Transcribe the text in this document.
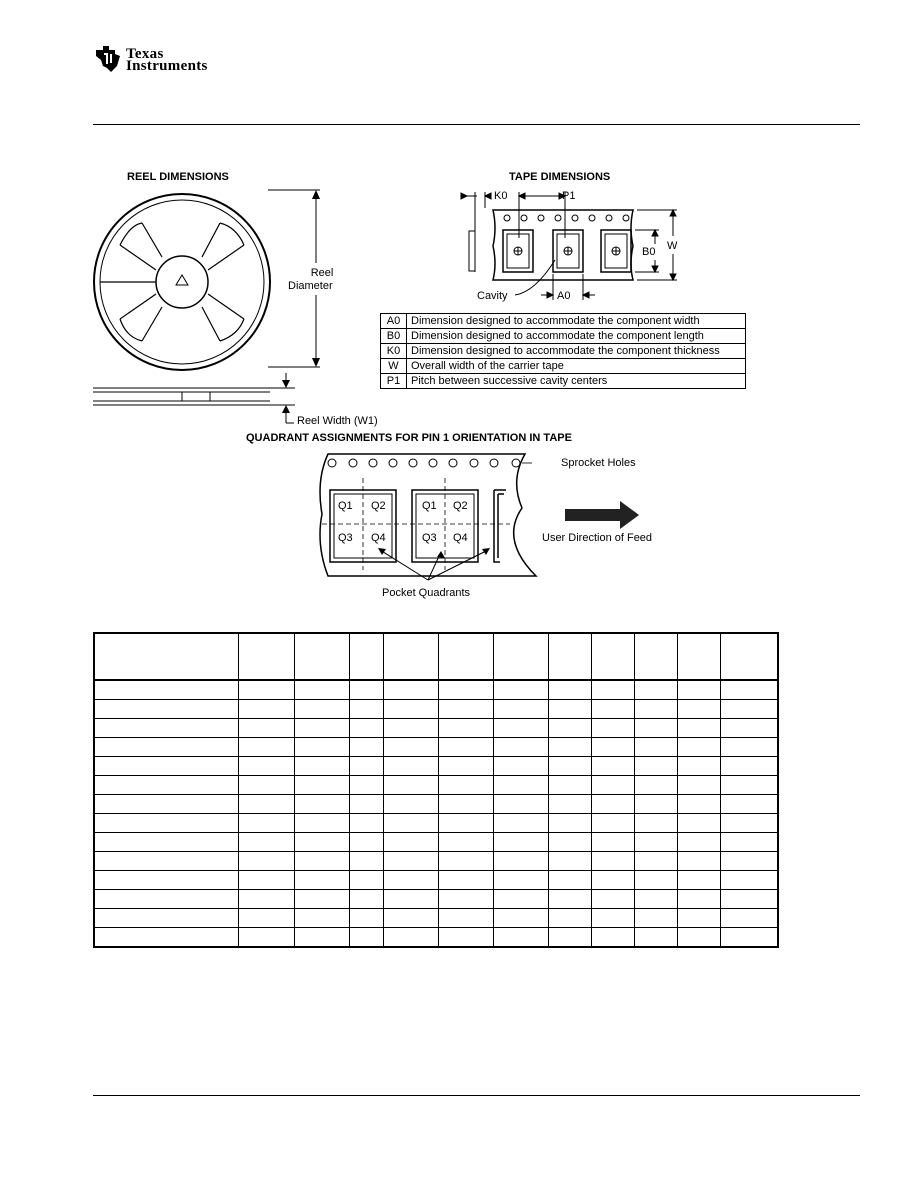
Texas
Instruments
REEL DIMENSIONS
Reel
Diameter
Reel Width (W1)
TAPE DIMENSIONS
K0	P1
B0 W
A0
Cavity
A0	Dimension designed to accommodate the component width
B0	Dimension designed to accommodate the component length
K0	Dimension designed to accommodate the component thickness
W	Overall width of the carrier tape
P1	Pitch between successive cavity centers
QUADRANT ASSIGNMENTS FOR PIN 1 ORIENTATION IN TAPE
Q1 Q2
Q3 Q4
Q1 Q2
Q3 Q4
Sprocket Holes
Pocket Quadrants
User Direction of Feed
